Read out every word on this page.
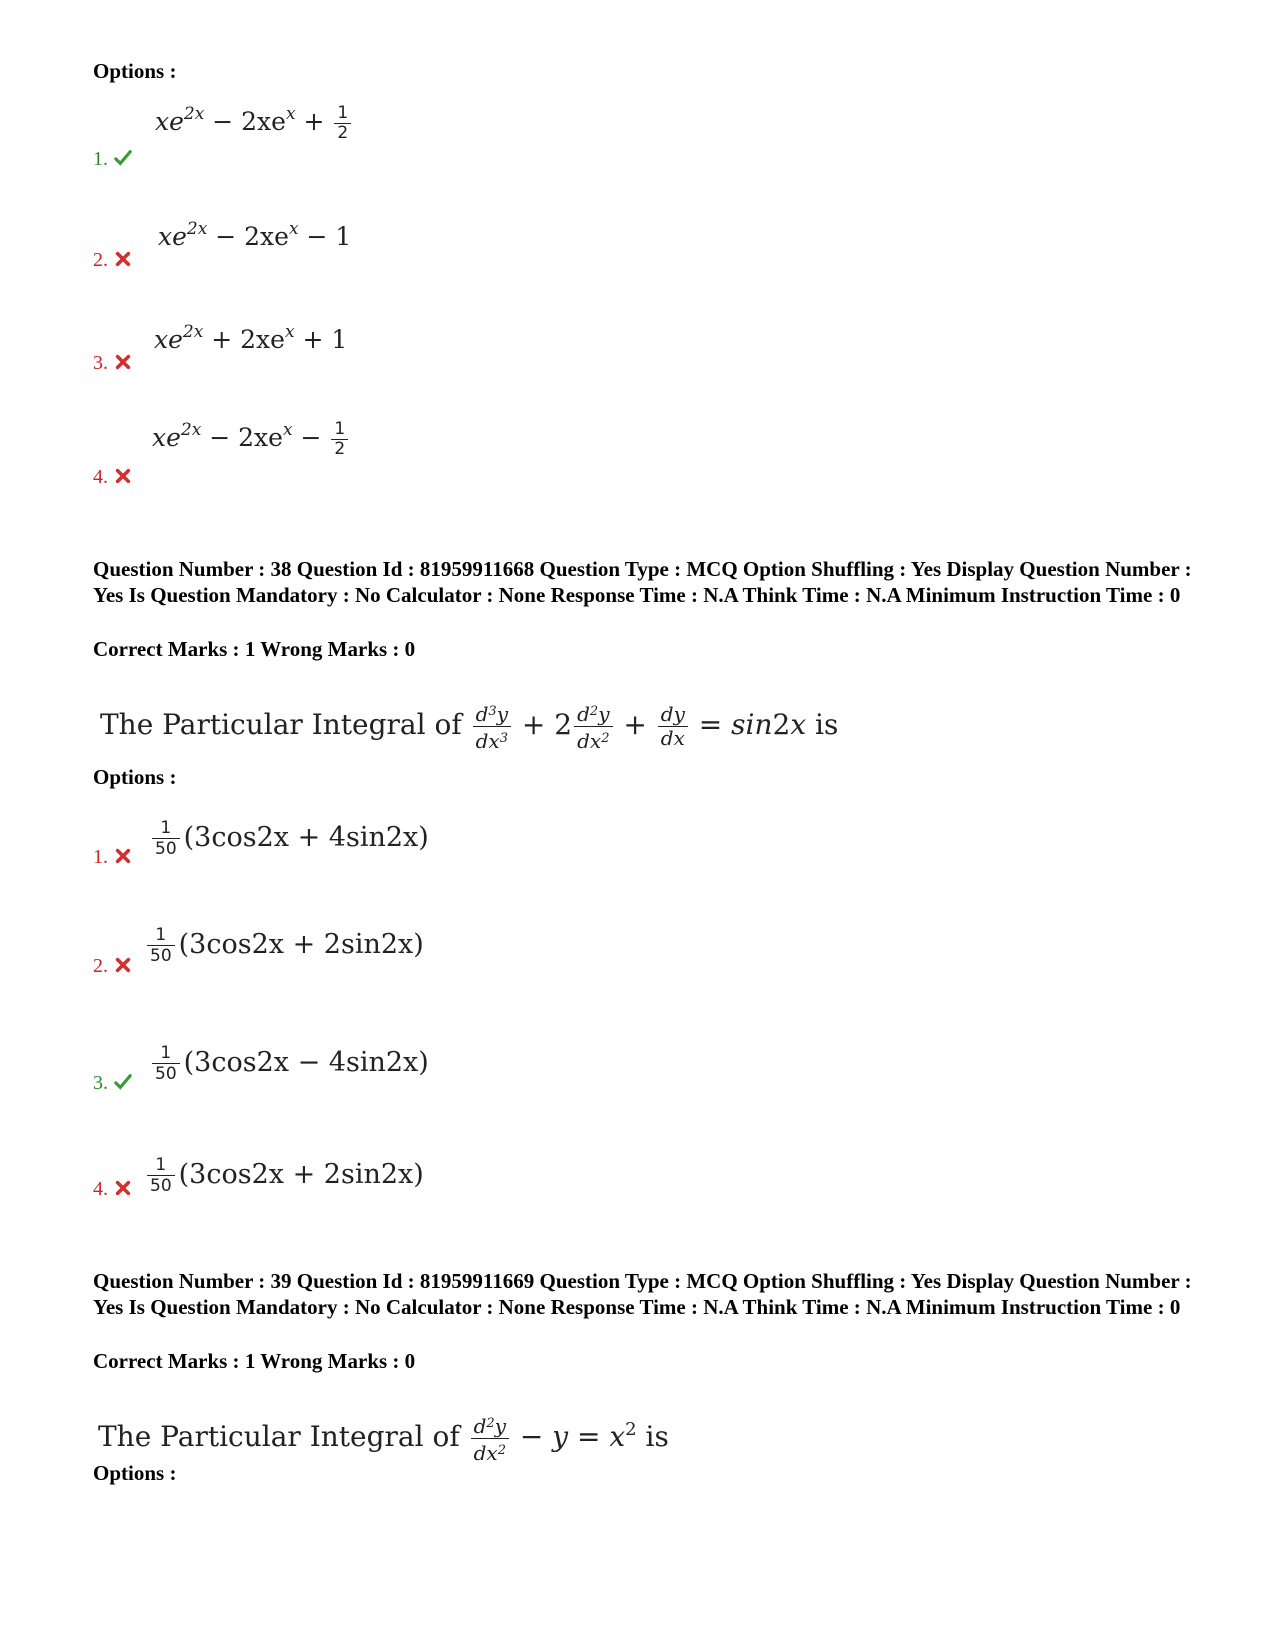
Options :
$xe^{2x} - 2xe^x + \frac{1}{2}$
1.
$xe^{2x} - 2xe^x - 1$
2.
$xe^{2x} + 2xe^x + 1$
3.
$xe^{2x} - 2xe^x - \frac{1}{2}$
4.
Question Number : 38 Question Id : 81959911668 Question Type : MCQ Option Shuffling : Yes Display Question Number : Yes Is Question Mandatory : No Calculator : None Response Time : N.A Think Time : N.A Minimum Instruction Time : 0
Correct Marks : 1 Wrong Marks : 0
The Particular Integral of $\frac{d^3y}{dx^3} + 2 \frac{d^2y}{dx^2} + \frac{dy}{dx} = \sin 2x$ is
Options :
$\frac{1}{50} (3\cos 2x + 4\sin 2x)$
1.
$\frac{1}{50} (3\cos 2x + 2\sin 2x)$
2.
$\frac{1}{50} (3\cos 2x - 4\sin 2x)$
3.
$\frac{1}{50} (3\cos 2x + 2\sin 2x)$
4.
Question Number : 39 Question Id : 81959911669 Question Type : MCQ Option Shuffling : Yes Display Question Number : Yes Is Question Mandatory : No Calculator : None Response Time : N.A Think Time : N.A Minimum Instruction Time : 0
Correct Marks : 1 Wrong Marks : 0
The Particular Integral of $\frac{d^2y}{dx^2} - y = x^2$ is
Options :
